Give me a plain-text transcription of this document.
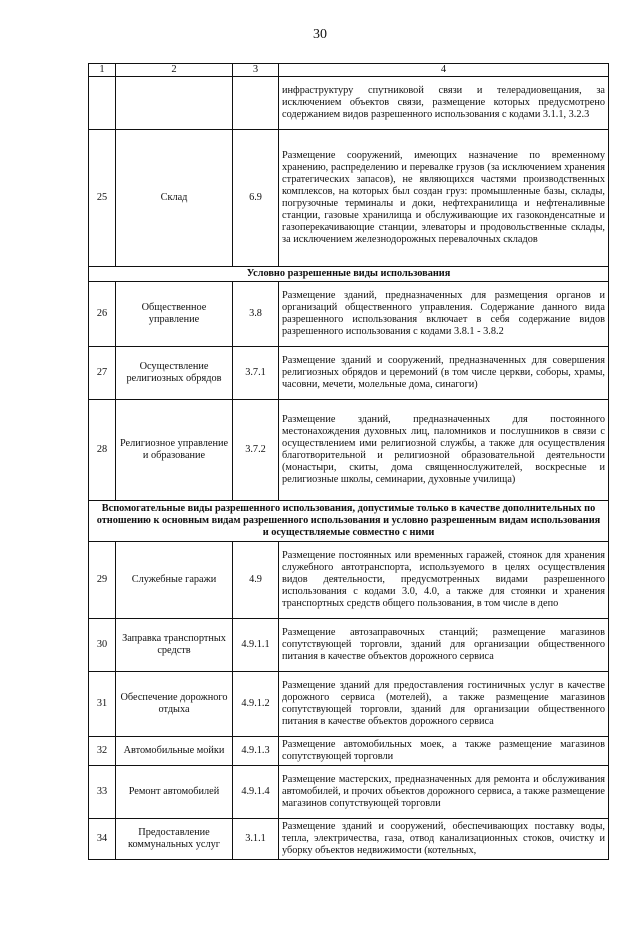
30
1	2	3	4
			инфраструктуру спутниковой связи и телерадиовещания, за исключением объектов связи, размещение которых предусмотрено содержанием видов разрешенного использования с кодами 3.1.1, 3.2.3
25	Склад	6.9	Размещение сооружений, имеющих назначение по временному хранению, распределению и перевалке грузов (за исключением хранения стратегических запасов), не являющихся частями производственных комплексов, на которых был создан груз: промышленные базы, склады, погрузочные терминалы и доки, нефтехранилища и нефтеналивные станции, газовые хранилища и обслуживающие их газоконденсатные и газоперекачивающие станции, элеваторы и продовольственные склады, за исключением железнодорожных перевалочных складов
Условно разрешенные виды использования			
26	Общественное управление	3.8	Размещение зданий, предназначенных для размещения органов и организаций общественного управления. Содержание данного вида разрешенного использования включает в себя содержание видов разрешенного использования с кодами 3.8.1 - 3.8.2
27	Осуществление религиозных обрядов	3.7.1	Размещение зданий и сооружений, предназначенных для совершения религиозных обрядов и церемоний (в том числе церкви, соборы, храмы, часовни, мечети, молельные дома, синагоги)
28	Религиозное управление и образование	3.7.2	Размещение зданий, предназначенных для постоянного местонахождения духовных лиц, паломников и послушников в связи с осуществлением ими религиозной службы, а также для осуществления благотворительной и религиозной образовательной деятельности (монастыри, скиты, дома священнослужителей, воскресные и религиозные школы, семинарии, духовные училища)
Вспомогательные виды разрешенного использования, допустимые только в качестве дополнительных по отношению к основным видам разрешенного использования и условно разрешенным видам использования и осуществляемые совместно с ними			
29	Служебные гаражи	4.9	Размещение постоянных или временных гаражей, стоянок для хранения служебного автотранспорта, используемого в целях осуществления видов деятельности, предусмотренных видами разрешенного использования с кодами 3.0, 4.0, а также для стоянки и хранения транспортных средств общего пользования, в том числе в депо
30	Заправка транспортных средств	4.9.1.1	Размещение автозаправочных станций; размещение магазинов сопутствующей торговли, зданий для организации общественного питания в качестве объектов дорожного сервиса
31	Обеспечение дорожного отдыха	4.9.1.2	Размещение зданий для предоставления гостиничных услуг в качестве дорожного сервиса (мотелей), а также размещение магазинов сопутствующей торговли, зданий для организации общественного питания в качестве объектов дорожного сервиса
32	Автомобильные мойки	4.9.1.3	Размещение автомобильных моек, а также размещение магазинов сопутствующей торговли
33	Ремонт автомобилей	4.9.1.4	Размещение мастерских, предназначенных для ремонта и обслуживания автомобилей, и прочих объектов дорожного сервиса, а также размещение магазинов сопутствующей торговли
34	Предоставление коммунальных услуг	3.1.1	Размещение зданий и сооружений, обеспечивающих поставку воды, тепла, электричества, газа, отвод канализационных стоков, очистку и уборку объектов недвижимости (котельных,
